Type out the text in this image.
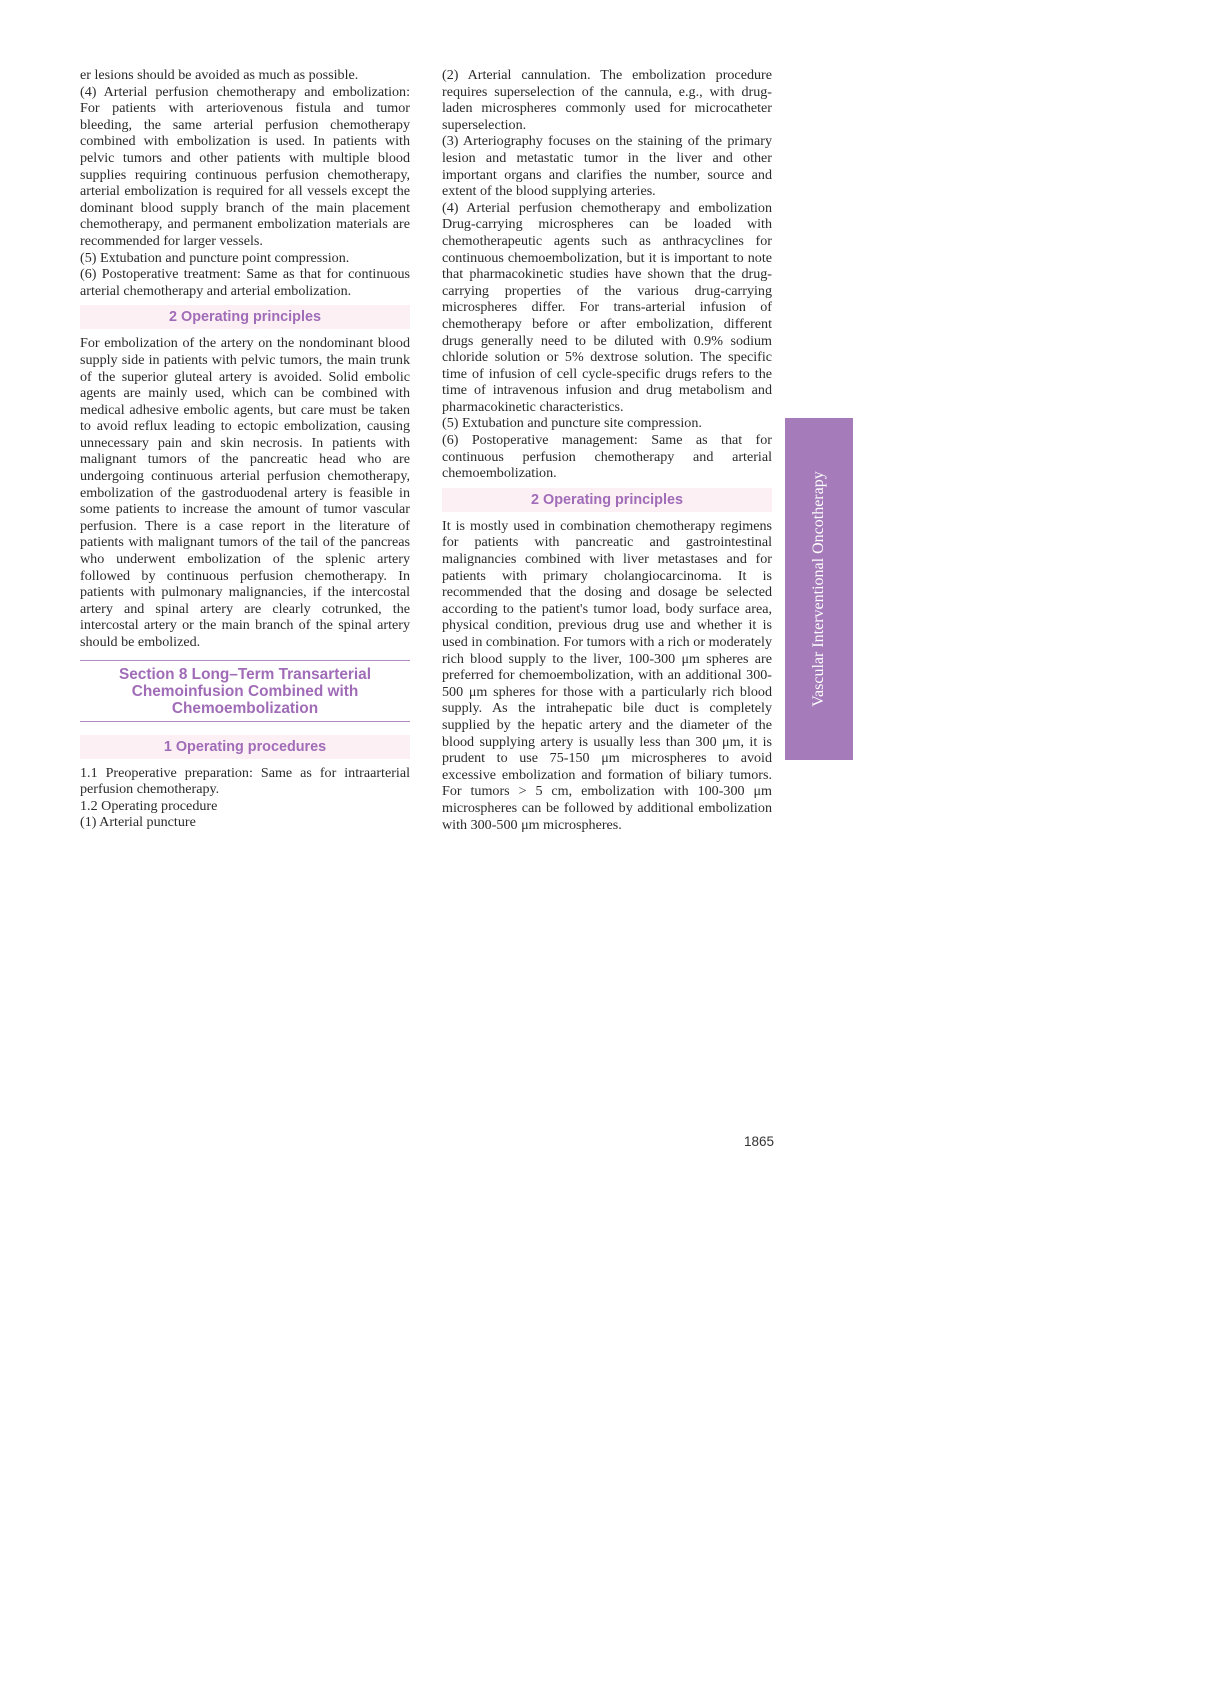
er lesions should be avoided as much as possible.

(4) Arterial perfusion chemotherapy and embolization: For patients with arteriovenous fistula and tumor bleeding, the same arterial perfusion chemotherapy combined with embolization is used. In patients with pelvic tumors and other patients with multiple blood supplies requiring continuous perfusion chemotherapy, arterial embolization is required for all vessels except the dominant blood supply branch of the main placement chemotherapy, and permanent embolization materials are recommended for larger vessels.

(5) Extubation and puncture point compression.

(6) Postoperative treatment: Same as that for continuous arterial chemotherapy and arterial embolization.

2 Operating principles

For embolization of the artery on the nondominant blood supply side in patients with pelvic tumors, the main trunk of the superior gluteal artery is avoided. Solid embolic agents are mainly used, which can be combined with medical adhesive embolic agents, but care must be taken to avoid reflux leading to ectopic embolization, causing unnecessary pain and skin necrosis. In patients with malignant tumors of the pancreatic head who are undergoing continuous arterial perfusion chemotherapy, embolization of the gastroduodenal artery is feasible in some patients to increase the amount of tumor vascular perfusion. There is a case report in the literature of patients with malignant tumors of the tail of the pancreas who underwent embolization of the splenic artery followed by continuous perfusion chemotherapy. In patients with pulmonary malignancies, if the intercostal artery and spinal artery are clearly cotrunked, the intercostal artery or the main branch of the spinal artery should be embolized.

Section 8 Long–Term Transarterial Chemoinfusion Combined with Chemoembolization
1 Operating procedures

1.1 Preoperative preparation: Same as for intraarterial perfusion chemotherapy.

1.2 Operating procedure

(1) Arterial puncture

(2) Arterial cannulation. The embolization procedure requires superselection of the cannula, e.g., with drug-laden microspheres commonly used for microcatheter superselection.

(3) Arteriography focuses on the staining of the primary lesion and metastatic tumor in the liver and other important organs and clarifies the number, source and extent of the blood supplying arteries.

(4) Arterial perfusion chemotherapy and embolization Drug-carrying microspheres can be loaded with chemotherapeutic agents such as anthracyclines for continuous chemoembolization, but it is important to note that pharmacokinetic studies have shown that the drug-carrying properties of the various drug-carrying microspheres differ. For trans-arterial infusion of chemotherapy before or after embolization, different drugs generally need to be diluted with 0.9% sodium chloride solution or 5% dextrose solution. The specific time of infusion of cell cycle-specific drugs refers to the time of intravenous infusion and drug metabolism and pharmacokinetic characteristics.

(5) Extubation and puncture site compression.

(6) Postoperative management: Same as that for continuous perfusion chemotherapy and arterial chemoembolization.

2 Operating principles

It is mostly used in combination chemotherapy regimens for patients with pancreatic and gastrointestinal malignancies combined with liver metastases and for patients with primary cholangiocarcinoma. It is recommended that the dosing and dosage be selected according to the patient's tumor load, body surface area, physical condition, previous drug use and whether it is used in combination. For tumors with a rich or moderately rich blood supply to the liver, 100-300 μm spheres are preferred for chemoembolization, with an additional 300-500 μm spheres for those with a particularly rich blood supply. As the intrahepatic bile duct is completely supplied by the hepatic artery and the diameter of the blood supplying artery is usually less than 300 μm, it is prudent to use 75-150 μm microspheres to avoid excessive embolization and formation of biliary tumors. For tumors > 5 cm, embolization with 100-300 μm microspheres can be followed by additional embolization with 300-500 μm microspheres.

Vascular Interventional Oncotherapy
1865
